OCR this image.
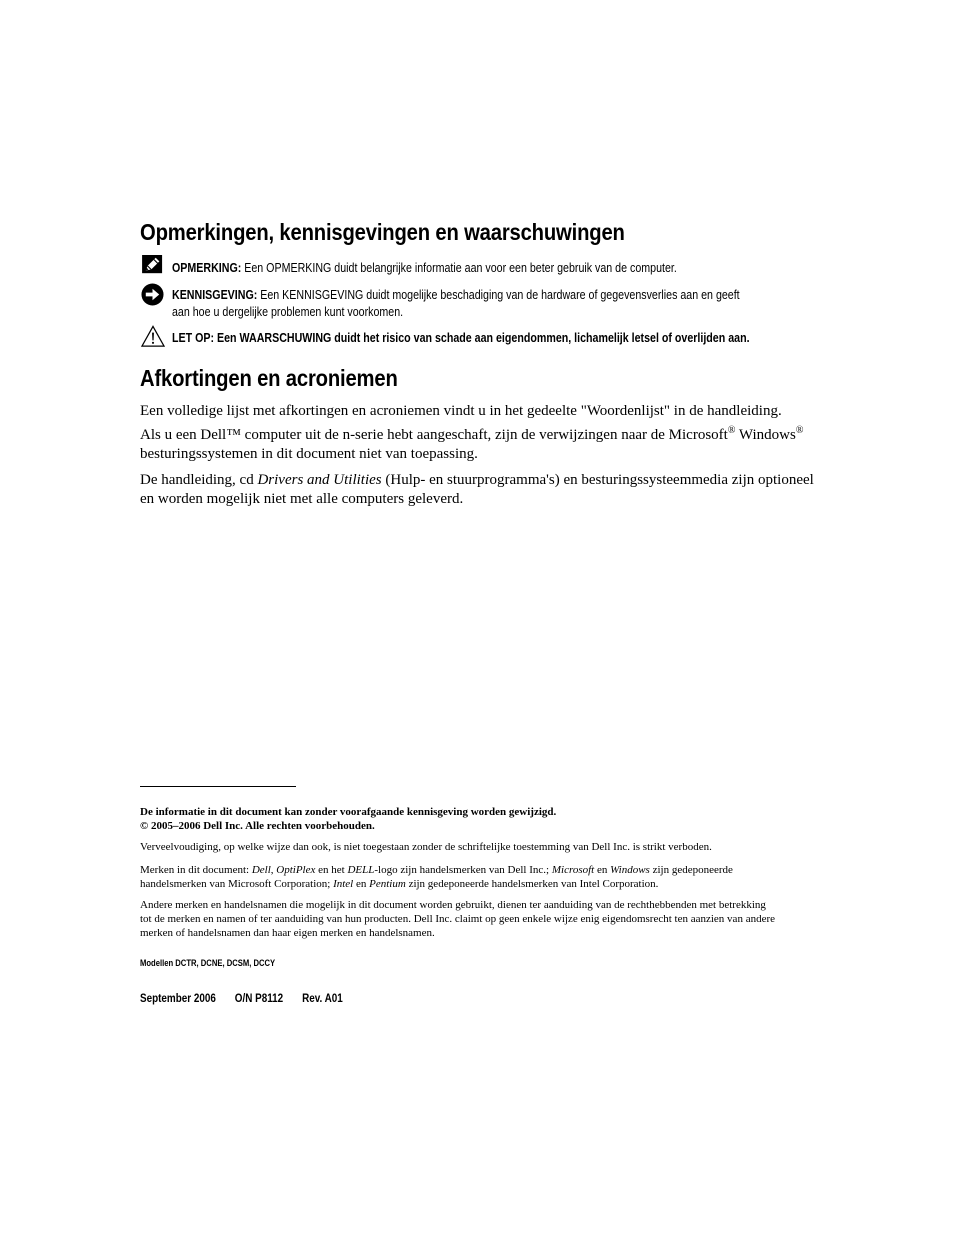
Opmerkingen, kennisgevingen en waarschuwingen
OPMERKING: Een OPMERKING duidt belangrijke informatie aan voor een beter gebruik van de computer.
KENNISGEVING: Een KENNISGEVING duidt mogelijke beschadiging van de hardware of gegevensverlies aan en geeft
aan hoe u dergelijke problemen kunt voorkomen.
LET OP: Een WAARSCHUWING duidt het risico van schade aan eigendommen, lichamelijk letsel of overlijden aan.
Afkortingen en acroniemen

Een volledige lijst met afkortingen en acroniemen vindt u in het gedeelte "Woordenlijst" in de handleiding.

Als u een Dell™ computer uit de n-serie hebt aangeschaft, zijn de verwijzingen naar de Microsoft® Windows®
besturingssystemen in dit document niet van toepassing.

De handleiding, cd Drivers and Utilities (Hulp- en stuurprogramma's) en besturingssysteemmedia zijn optioneel
en worden mogelijk niet met alle computers geleverd.

De informatie in dit document kan zonder voorafgaande kennisgeving worden gewijzigd.

© 2005–2006 Dell Inc. Alle rechten voorbehouden.

Verveelvoudiging, op welke wijze dan ook, is niet toegestaan zonder de schriftelijke toestemming van Dell Inc. is strikt verboden.

Merken in dit document: Dell, OptiPlex en het DELL-logo zijn handelsmerken van Dell Inc.; Microsoft en Windows zijn gedeponeerde
handelsmerken van Microsoft Corporation; Intel en Pentium zijn gedeponeerde handelsmerken van Intel Corporation.

Andere merken en handelsnamen die mogelijk in dit document worden gebruikt, dienen ter aanduiding van de rechthebbenden met betrekking

tot de merken en namen of ter aanduiding van hun producten. Dell Inc. claimt op geen enkele wijze enig eigendomsrecht ten aanzien van andere

merken of handelsnamen dan haar eigen merken en handelsnamen.

Modellen DCTR, DCNE, DCSM, DCCY
September 2006 O/N P8112 Rev. A01
